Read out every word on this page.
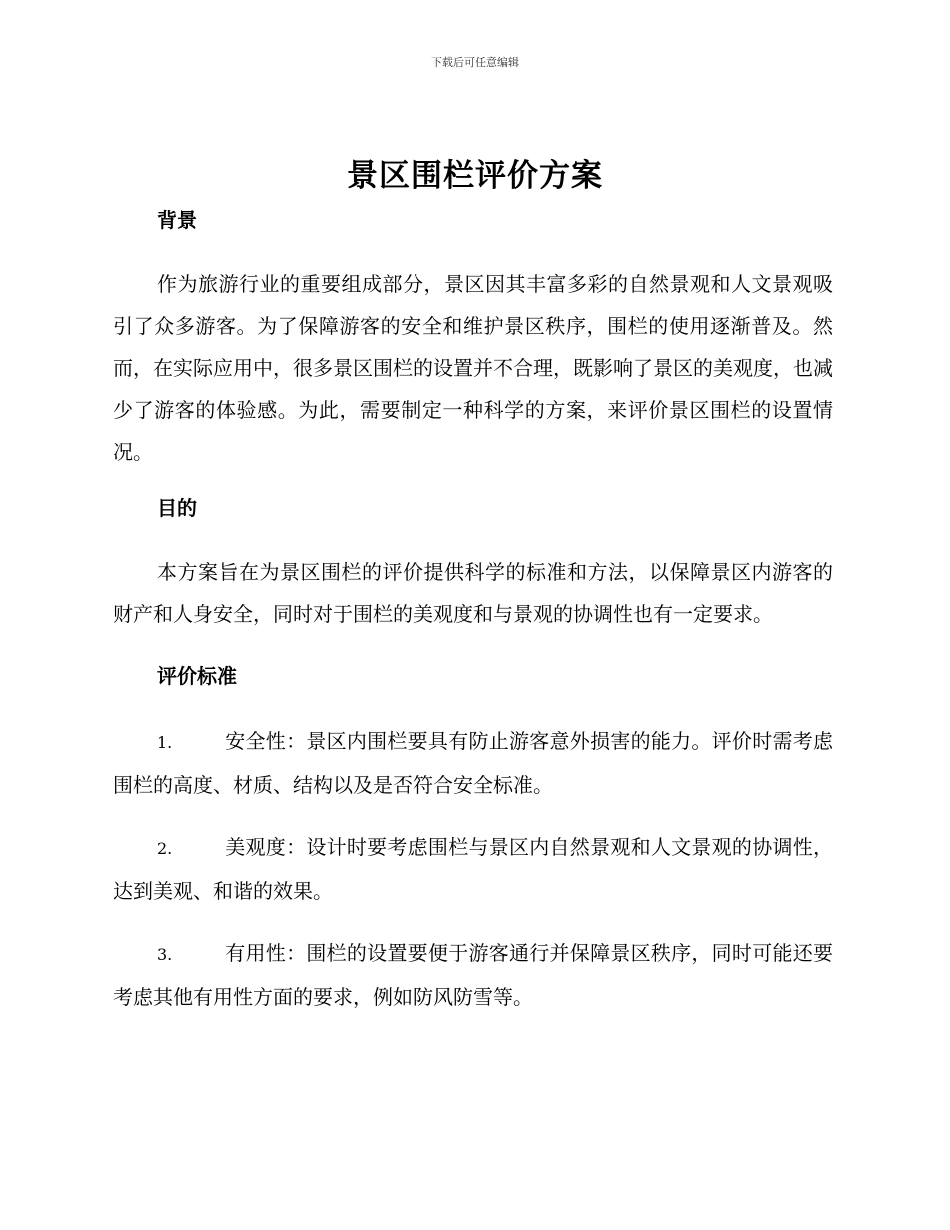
下载后可任意编辑
景区围栏评价方案
背景

作为旅游行业的重要组成部分，景区因其丰富多彩的自然景观和人文景观吸引了众多游客。为了保障游客的安全和维护景区秩序，围栏的使用逐渐普及。然而，在实际应用中，很多景区围栏的设置并不合理，既影响了景区的美观度，也减少了游客的体验感。为此，需要制定一种科学的方案，来评价景区围栏的设置情况。

目的

本方案旨在为景区围栏的评价提供科学的标准和方法，以保障景区内游客的财产和人身安全，同时对于围栏的美观度和与景观的协调性也有一定要求。

评价标准

1.	安全性：景区内围栏要具有防止游客意外损害的能力。评价时需考虑围栏的高度、材质、结构以及是否符合安全标准。

2.	美观度：设计时要考虑围栏与景区内自然景观和人文景观的协调性，达到美观、和谐的效果。

3.	有用性：围栏的设置要便于游客通行并保障景区秩序，同时可能还要考虑其他有用性方面的要求，例如防风防雪等。
